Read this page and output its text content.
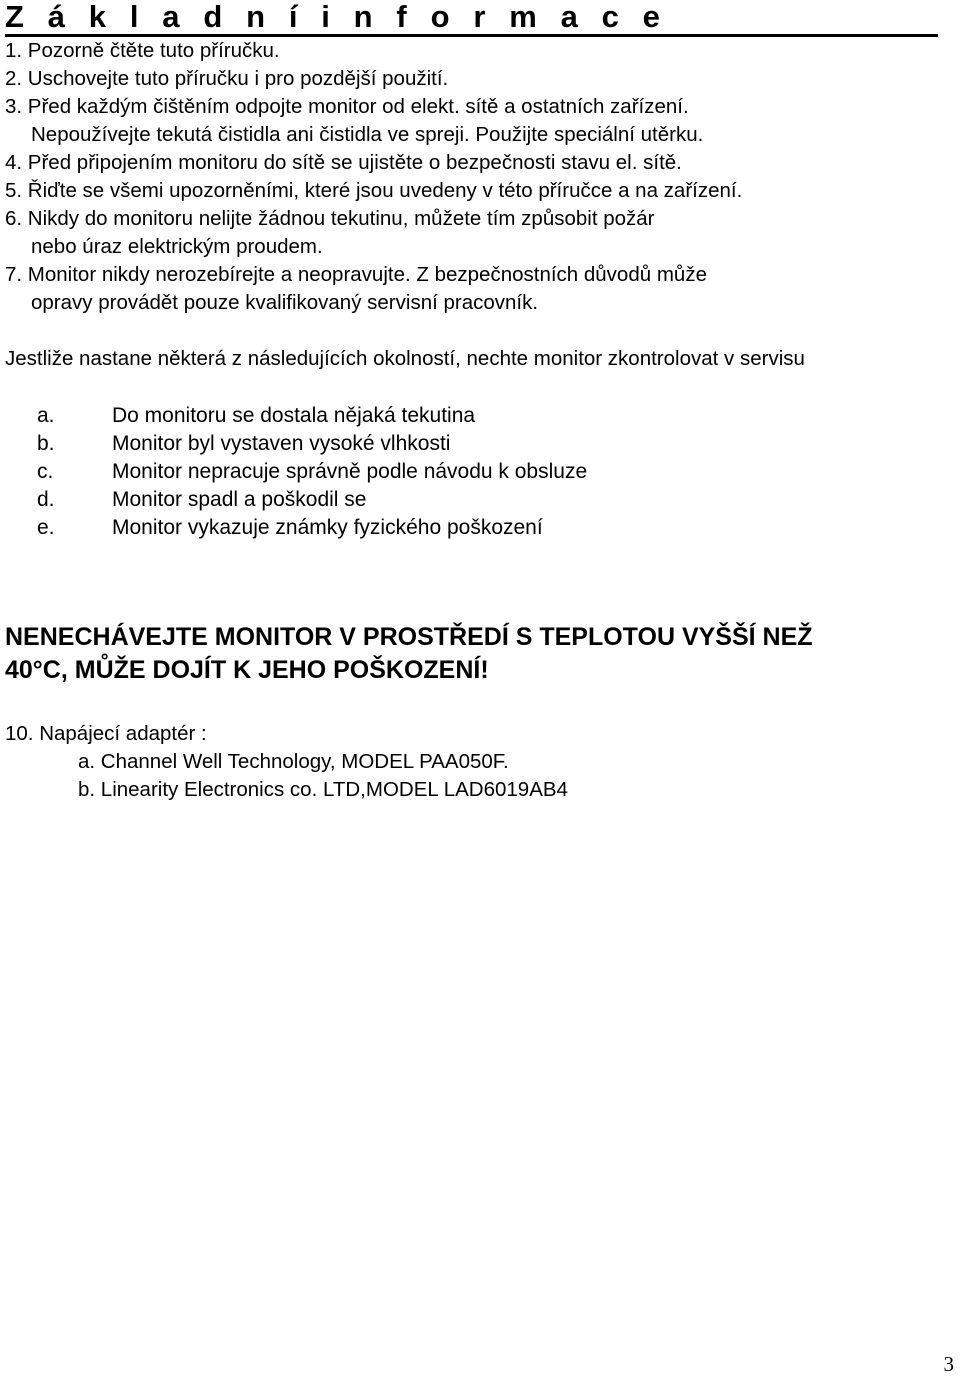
Z á k l a d n í i n f o r m a c e
1. Pozorně čtěte tuto příručku.
2. Uschovejte tuto příručku i pro pozdější použití.
3. Před každým čištěním odpojte monitor od elekt. sítě a ostatních zařízení.
Nepoužívejte tekutá čistidla ani čistidla ve spreji. Použijte speciální utěrku.
4. Před připojením monitoru do sítě se ujistěte o bezpečnosti stavu el. sítě.
5. Řiďte se všemi upozorněními, které jsou uvedeny v této příručce a na zařízení.
6. Nikdy do monitoru nelijte žádnou tekutinu, můžete tím způsobit požár
nebo úraz elektrickým proudem.
7. Monitor nikdy nerozebírejte a neopravujte. Z bezpečnostních důvodů může
opravy provádět pouze kvalifikovaný servisní pracovník.
Jestliže nastane některá z následujících okolností, nechte monitor zkontrolovat v servisu
a.	Do monitoru se dostala nějaká tekutina
b.	Monitor byl vystaven vysoké vlhkosti
c.	Monitor nepracuje správně podle návodu k obsluze
d.	Monitor spadl a poškodil se
e.	Monitor vykazuje známky fyzického poškození
NENECHÁVEJTE MONITOR V PROSTŘEDÍ S TEPLOTOU VYŠŠÍ NEŽ
40°C, MŮŽE DOJÍT K JEHO POŠKOZENÍ!
10. Napájecí adaptér :
a. Channel Well Technology, MODEL PAA050F.
b. Linearity Electronics co. LTD,MODEL LAD6019AB4
3
